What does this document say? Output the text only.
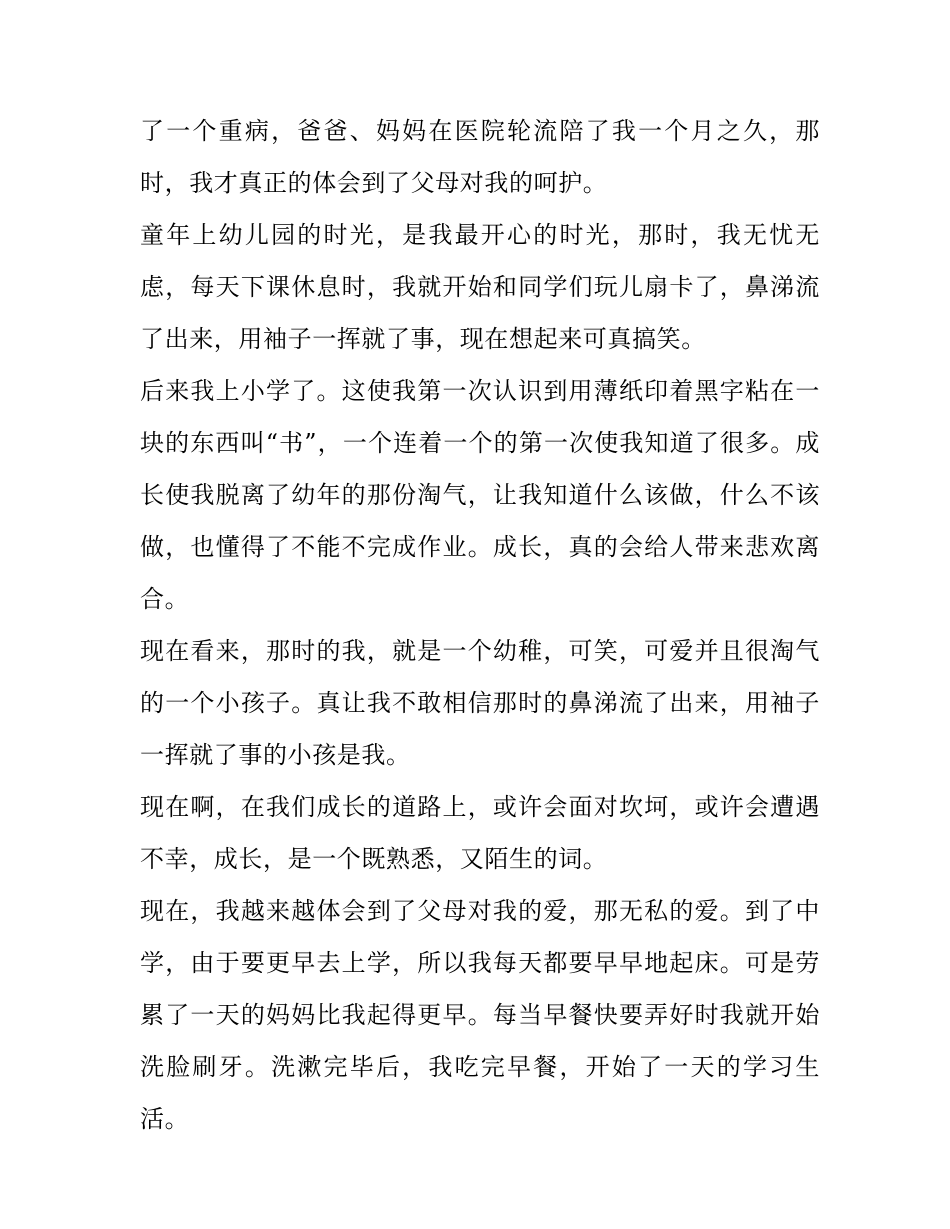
了一个重病，爸爸、妈妈在医院轮流陪了我一个月之久，那时，我才真正的体会到了父母对我的呵护。

童年上幼儿园的时光，是我最开心的时光，那时，我无忧无虑，每天下课休息时，我就开始和同学们玩儿扇卡了，鼻涕流了出来，用袖子一挥就了事，现在想起来可真搞笑。

后来我上小学了。这使我第一次认识到用薄纸印着黑字粘在一块的东西叫“书”，一个连着一个的第一次使我知道了很多。成长使我脱离了幼年的那份淘气，让我知道什么该做，什么不该做，也懂得了不能不完成作业。成长，真的会给人带来悲欢离合。

现在看来，那时的我，就是一个幼稚，可笑，可爱并且很淘气的一个小孩子。真让我不敢相信那时的鼻涕流了出来，用袖子一挥就了事的小孩是我。

现在啊，在我们成长的道路上，或许会面对坎坷，或许会遭遇不幸，成长，是一个既熟悉，又陌生的词。

现在，我越来越体会到了父母对我的爱，那无私的爱。到了中学，由于要更早去上学，所以我每天都要早早地起床。可是劳累了一天的妈妈比我起得更早。每当早餐快要弄好时我就开始洗脸刷牙。洗漱完毕后，我吃完早餐，开始了一天的学习生活。
